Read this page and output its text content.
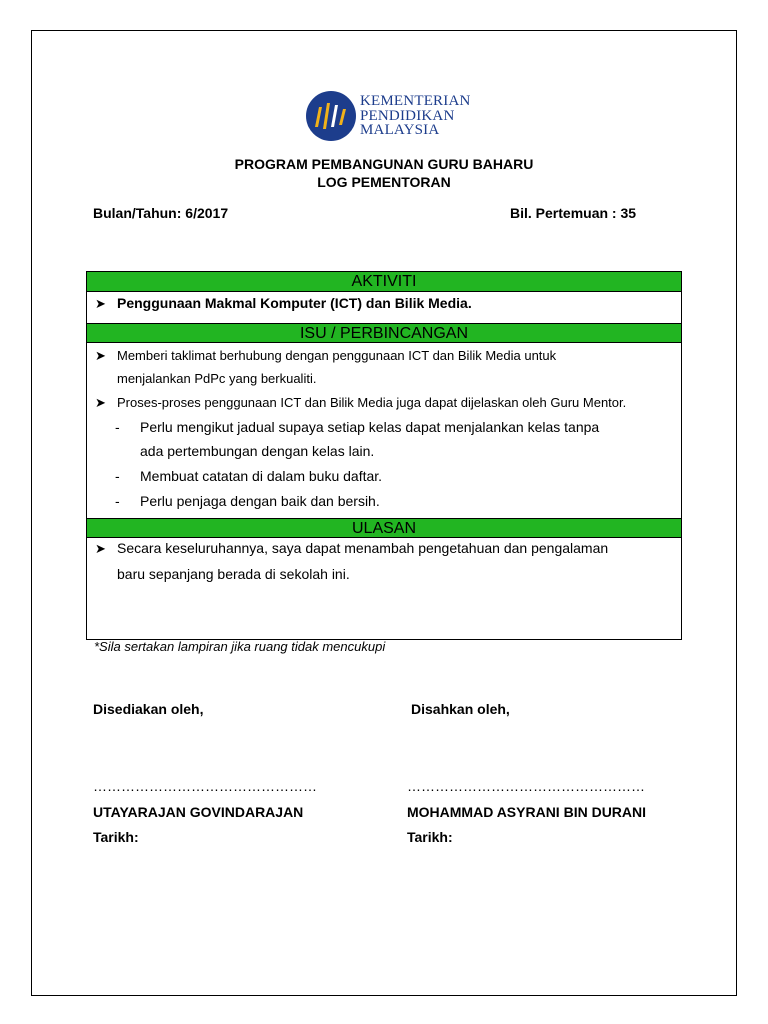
KEMENTERIAN
PENDIDIKAN
MALAYSIA
PROGRAM PEMBANGUNAN GURU BAHARU
LOG PEMENTORAN
Bulan/Tahun: 6/2017	Bil. Pertemuan : 35
AKTIVITI
➤ Penggunaan Makmal Komputer (ICT) dan Bilik Media.
ISU / PERBINCANGAN
➤ Memberi taklimat berhubung dengan penggunaan ICT dan Bilik Media untuk
menjalankan PdPc yang berkualiti.
➤ Proses-proses penggunaan ICT dan Bilik Media juga dapat dijelaskan oleh Guru Mentor.
- Perlu mengikut jadual supaya setiap kelas dapat menjalankan kelas tanpa
ada pertembungan dengan kelas lain.
- Membuat catatan di dalam buku daftar.
- Perlu penjaga dengan baik dan bersih.
ULASAN
➤ Secara keseluruhannya, saya dapat menambah pengetahuan dan pengalaman
baru sepanjang berada di sekolah ini.
*Sila sertakan lampiran jika ruang tidak mencukupi
Disediakan oleh,	Disahkan oleh,
…………………………………………	……………………………………………
UTAYARAJAN GOVINDARAJAN	MOHAMMAD ASYRANI BIN DURANI
Tarikh:	Tarikh:
